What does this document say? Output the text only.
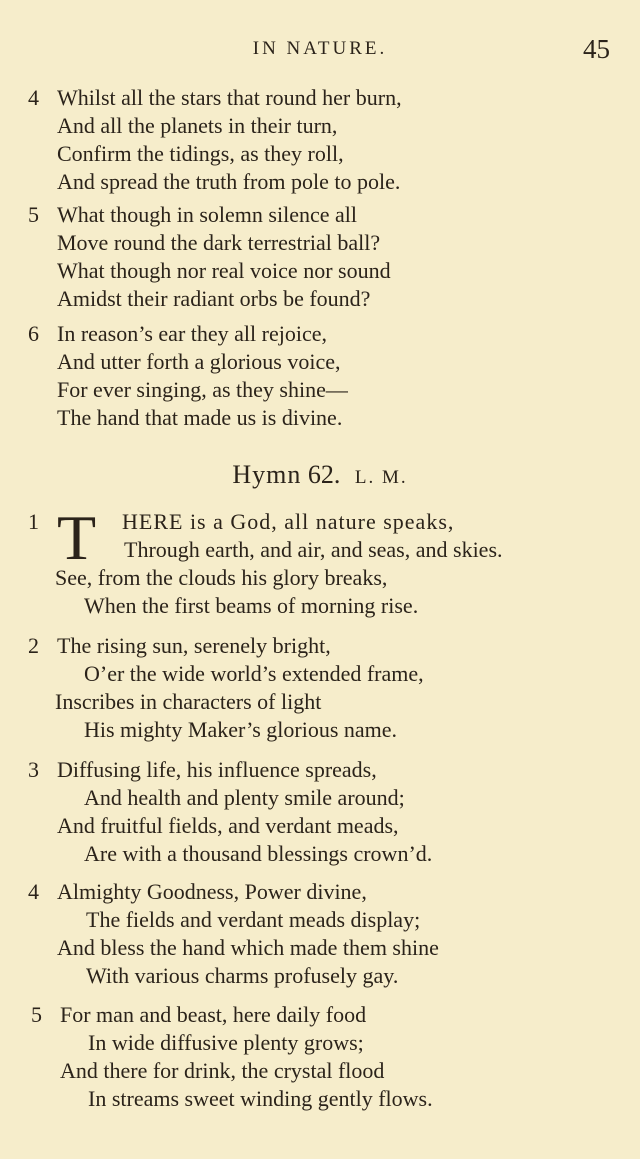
IN NATURE.	45
4 Whilst all the stars that round her burn,
And all the planets in their turn,
Confirm the tidings, as they roll,
And spread the truth from pole to pole.
5 What though in solemn silence all
Move round the dark terrestrial ball?
What though nor real voice nor sound
Amidst their radiant orbs be found?
6 In reason’s ear they all rejoice,
And utter forth a glorious voice,
For ever singing, as they shine—
The hand that made us is divine.
Hymn 62. L. M.
1	HERE is a God, all nature speaks,
Through earth, and air, and seas, and skies.
See, from the clouds his glory breaks,
When the first beams of morning rise.
T
2 The rising sun, serenely bright,
O’er the wide world’s extended frame,
Inscribes in characters of light
His mighty Maker’s glorious name.
3 Diffusing life, his influence spreads,
And health and plenty smile around;
And fruitful fields, and verdant meads,
Are with a thousand blessings crown’d.
4 Almighty Goodness, Power divine,
The fields and verdant meads display;
And bless the hand which made them shine
With various charms profusely gay.
5 For man and beast, here daily food
In wide diffusive plenty grows;
And there for drink, the crystal flood
In streams sweet winding gently flows.
